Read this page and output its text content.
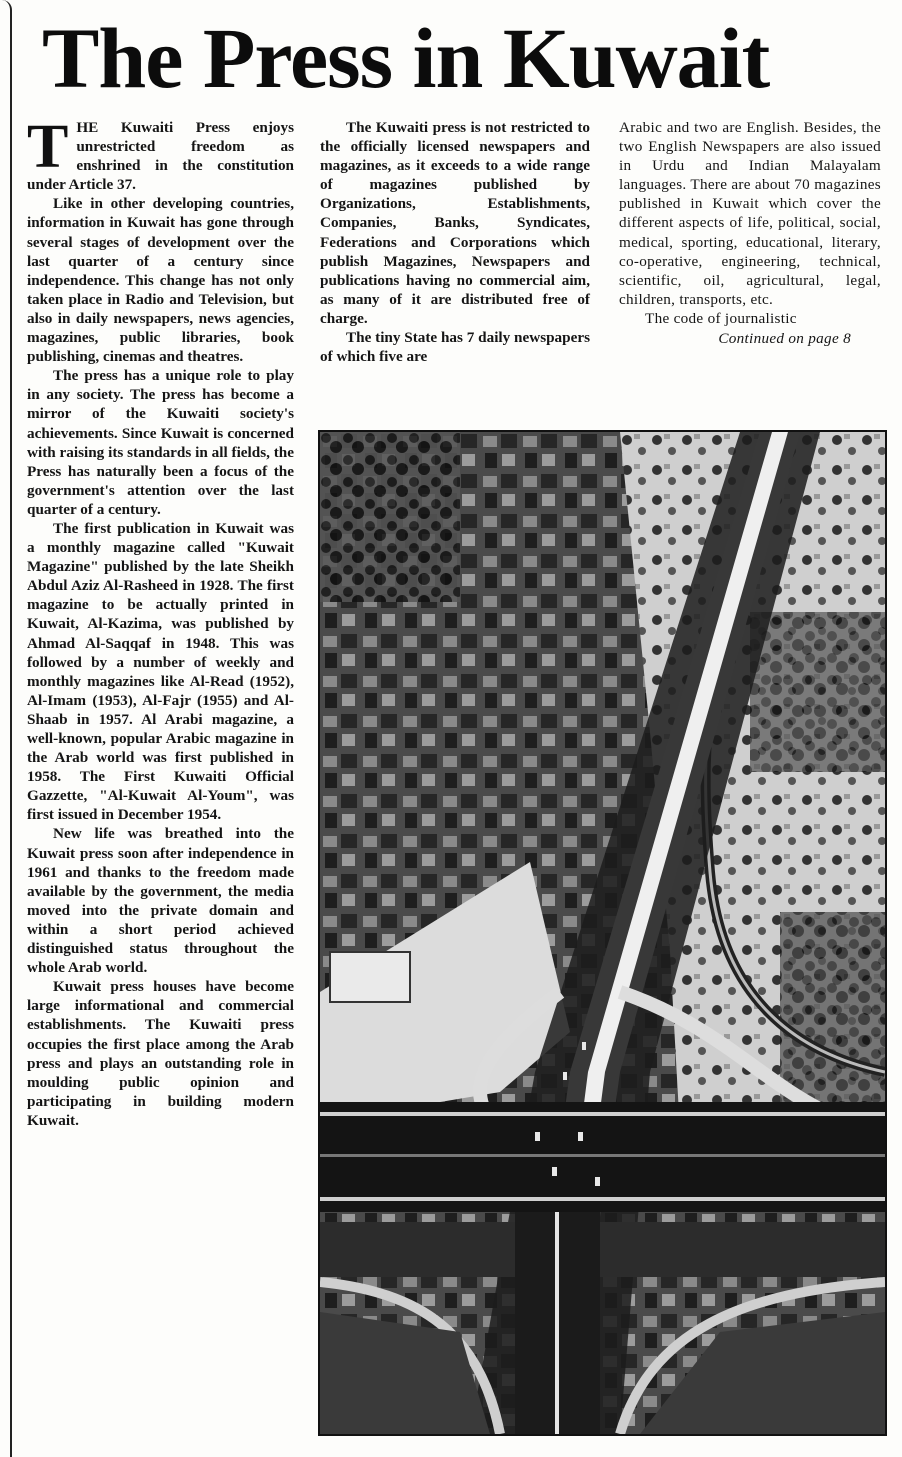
The Press in Kuwait

THE Kuwaiti Press enjoys unrestricted freedom as enshrined in the constitution under Article 37.

Like in other developing countries, information in Kuwait has gone through several stages of development over the last quarter of a century since independence. This change has not only taken place in Radio and Television, but also in daily newspapers, news agencies, magazines, public libraries, book publishing, cinemas and theatres.

The press has a unique role to play in any society. The press has become a mirror of the Kuwaiti society's achievements. Since Kuwait is concerned with raising its standards in all fields, the Press has naturally been a focus of the government's attention over the last quarter of a century.

The first publication in Kuwait was a monthly magazine called "Kuwait Magazine" published by the late Sheikh Abdul Aziz Al-Rasheed in 1928. The first magazine to be actually printed in Kuwait, Al-Kazima, was published by Ahmad Al-Saqqaf in 1948. This was followed by a number of weekly and monthly magazines like Al-Read (1952), Al-Imam (1953), Al-Fajr (1955) and Al-Shaab in 1957. Al Arabi magazine, a well-known, popular Arabic magazine in the Arab world was first published in 1958. The First Kuwaiti Official Gazzette, "Al-Kuwait Al-Youm", was first issued in December 1954.

New life was breathed into the Kuwait press soon after independence in 1961 and thanks to the freedom made available by the government, the media moved into the private domain and within a short period achieved distinguished status throughout the whole Arab world.

Kuwait press houses have become large informational and commercial establishments. The Kuwaiti press occupies the first place among the Arab press and plays an outstanding role in moulding public opinion and participating in building modern Kuwait.

The Kuwaiti press is not restricted to the officially licensed newspapers and magazines, as it exceeds to a wide range of magazines published by Organizations, Establishments, Companies, Banks, Syndicates, Federations and Corporations which publish Magazines, Newspapers and publications having no commercial aim, as many of it are distributed free of charge.

The tiny State has 7 daily newspapers of which five are

Arabic and two are English. Besides, the two English Newspapers are also issued in Urdu and Indian Malayalam languages. There are about 70 magazines published in Kuwait which cover the different aspects of life, political, social, medical, sporting, educational, literary, co-operative, engineering, technical, scientific, oil, agricultural, legal, children, transports, etc.

The code of journalistic

Continued on page 8
